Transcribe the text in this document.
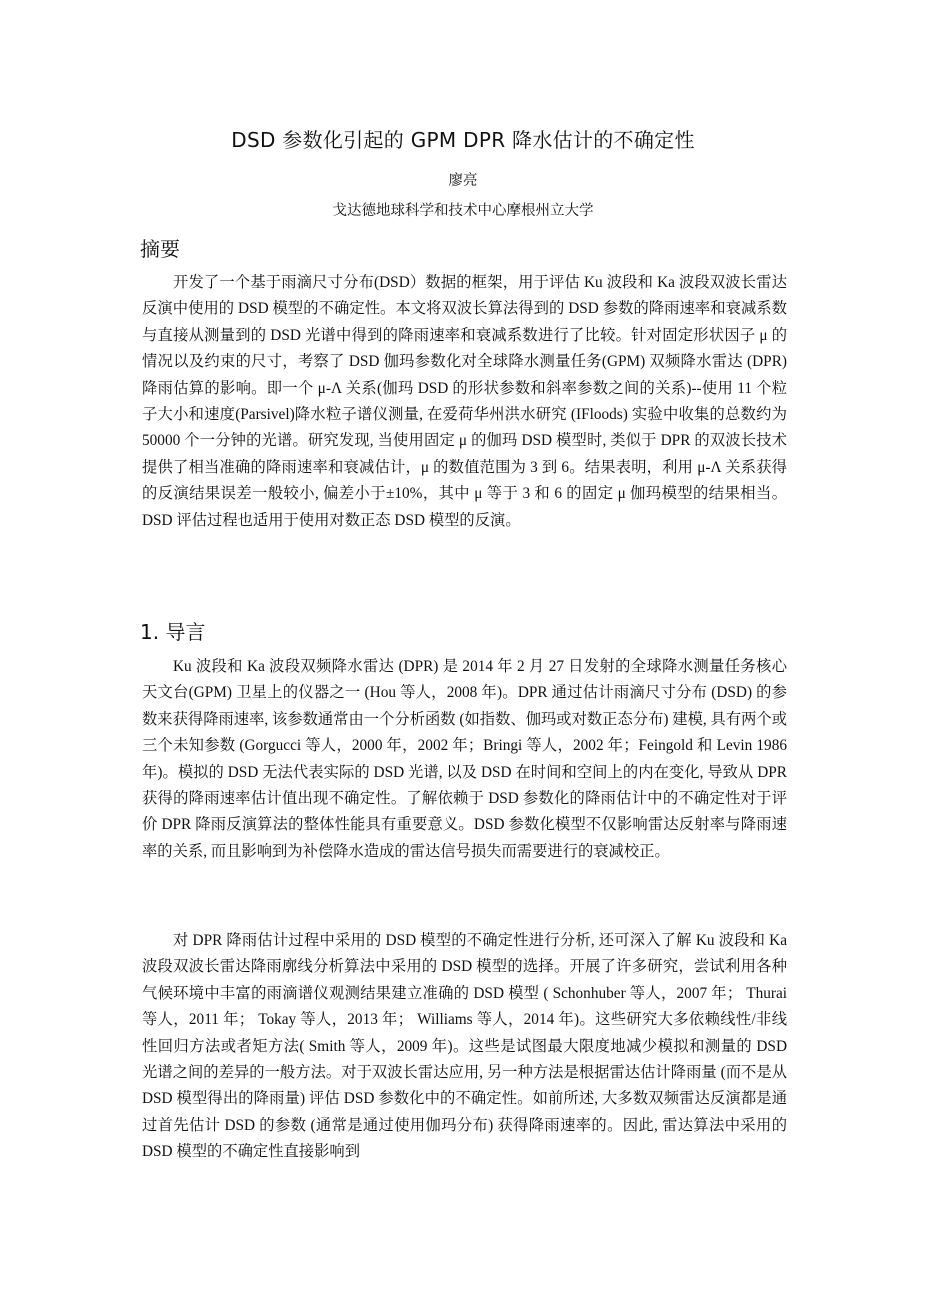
DSD 参数化引起的 GPM DPR 降水估计的不确定性
廖亮
戈达德地球科学和技术中心摩根州立大学
摘要

开发了一个基于雨滴尺寸分布(DSD）数据的框架，用于评估 Ku 波段和 Ka 波段双波长雷达反演中使用的 DSD 模型的不确定性。本文将双波长算法得到的 DSD 参数的降雨速率和衰减系数与直接从测量到的 DSD 光谱中得到的降雨速率和衰减系数进行了比较。针对固定形状因子 μ 的情况以及约束的尺寸，考察了 DSD 伽玛参数化对全球降水测量任务(GPM) 双频降水雷达 (DPR) 降雨估算的影响。即一个 μ-Λ 关系(伽玛 DSD 的形状参数和斜率参数之间的关系)--使用 11 个粒子大小和速度(Parsivel)降水粒子谱仪测量, 在爱荷华州洪水研究 (IFloods) 实验中收集的总数约为 50000 个一分钟的光谱。研究发现, 当使用固定 μ 的伽玛 DSD 模型时, 类似于 DPR 的双波长技术提供了相当准确的降雨速率和衰减估计，μ 的数值范围为 3 到 6。结果表明，利用 μ-Λ 关系获得的反演结果误差一般较小, 偏差小于±10%，其中 μ 等于 3 和 6 的固定 μ 伽玛模型的结果相当。DSD 评估过程也适用于使用对数正态 DSD 模型的反演。

1. 导言

Ku 波段和 Ka 波段双频降水雷达 (DPR) 是 2014 年 2 月 27 日发射的全球降水测量任务核心天文台(GPM) 卫星上的仪器之一 (Hou 等人，2008 年)。DPR 通过估计雨滴尺寸分布 (DSD) 的参数来获得降雨速率, 该参数通常由一个分析函数 (如指数、伽玛或对数正态分布) 建模, 具有两个或三个未知参数 (Gorgucci 等人，2000 年，2002 年；Bringi 等人，2002 年；Feingold 和 Levin 1986 年)。模拟的 DSD 无法代表实际的 DSD 光谱, 以及 DSD 在时间和空间上的内在变化, 导致从 DPR 获得的降雨速率估计值出现不确定性。了解依赖于 DSD 参数化的降雨估计中的不确定性对于评价 DPR 降雨反演算法的整体性能具有重要意义。DSD 参数化模型不仅影响雷达反射率与降雨速率的关系, 而且影响到为补偿降水造成的雷达信号损失而需要进行的衰减校正。

对 DPR 降雨估计过程中采用的 DSD 模型的不确定性进行分析, 还可深入了解 Ku 波段和 Ka 波段双波长雷达降雨廓线分析算法中采用的 DSD 模型的选择。开展了许多研究，尝试利用各种气候环境中丰富的雨滴谱仪观测结果建立准确的 DSD 模型 ( Schonhuber 等人，2007 年； Thurai 等人，2011 年； Tokay 等人，2013 年； Williams 等人，2014 年)。这些研究大多依赖线性/非线性回归方法或者矩方法( Smith 等人，2009 年)。这些是试图最大限度地减少模拟和测量的 DSD 光谱之间的差异的一般方法。对于双波长雷达应用, 另一种方法是根据雷达估计降雨量 (而不是从 DSD 模型得出的降雨量) 评估 DSD 参数化中的不确定性。如前所述, 大多数双频雷达反演都是通过首先估计 DSD 的参数 (通常是通过使用伽玛分布) 获得降雨速率的。因此, 雷达算法中采用的 DSD 模型的不确定性直接影响到
